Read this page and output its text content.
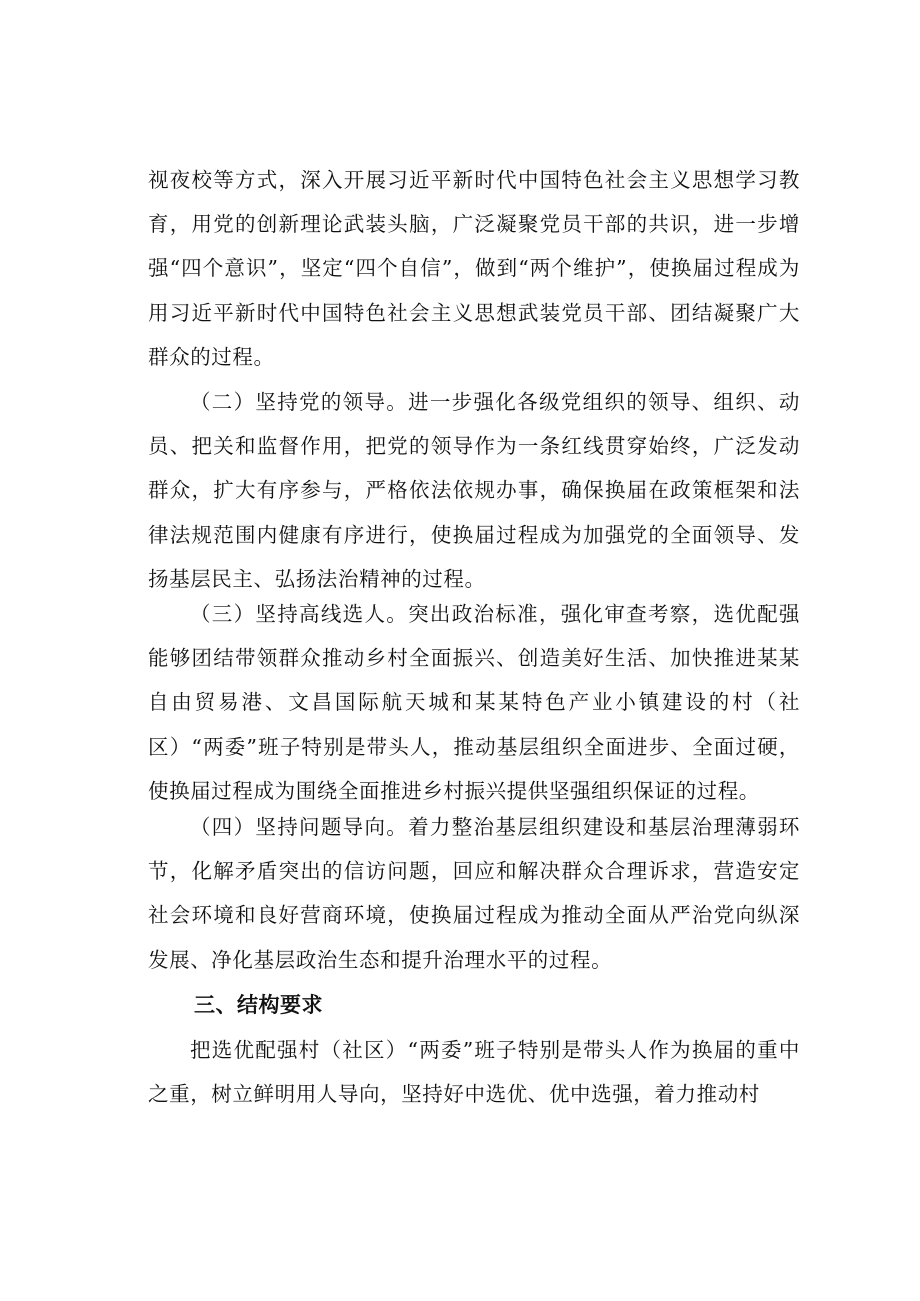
视夜校等方式，深入开展习近平新时代中国特色社会主义思想学习教育，用党的创新理论武装头脑，广泛凝聚党员干部的共识，进一步增强“四个意识”，坚定“四个自信”，做到“两个维护”，使换届过程成为用习近平新时代中国特色社会主义思想武装党员干部、团结凝聚广大群众的过程。

（二）坚持党的领导。进一步强化各级党组织的领导、组织、动员、把关和监督作用，把党的领导作为一条红线贯穿始终，广泛发动群众，扩大有序参与，严格依法依规办事，确保换届在政策框架和法律法规范围内健康有序进行，使换届过程成为加强党的全面领导、发扬基层民主、弘扬法治精神的过程。

（三）坚持高线选人。突出政治标准，强化审查考察，选优配强能够团结带领群众推动乡村全面振兴、创造美好生活、加快推进某某自由贸易港、文昌国际航天城和某某特色产业小镇建设的村（社区）“两委”班子特别是带头人，推动基层组织全面进步、全面过硬，使换届过程成为围绕全面推进乡村振兴提供坚强组织保证的过程。

（四）坚持问题导向。着力整治基层组织建设和基层治理薄弱环节，化解矛盾突出的信访问题，回应和解决群众合理诉求，营造安定社会环境和良好营商环境，使换届过程成为推动全面从严治党向纵深发展、净化基层政治生态和提升治理水平的过程。

三、结构要求

把选优配强村（社区）“两委”班子特别是带头人作为换届的重中之重，树立鲜明用人导向，坚持好中选优、优中选强，着力推动村
